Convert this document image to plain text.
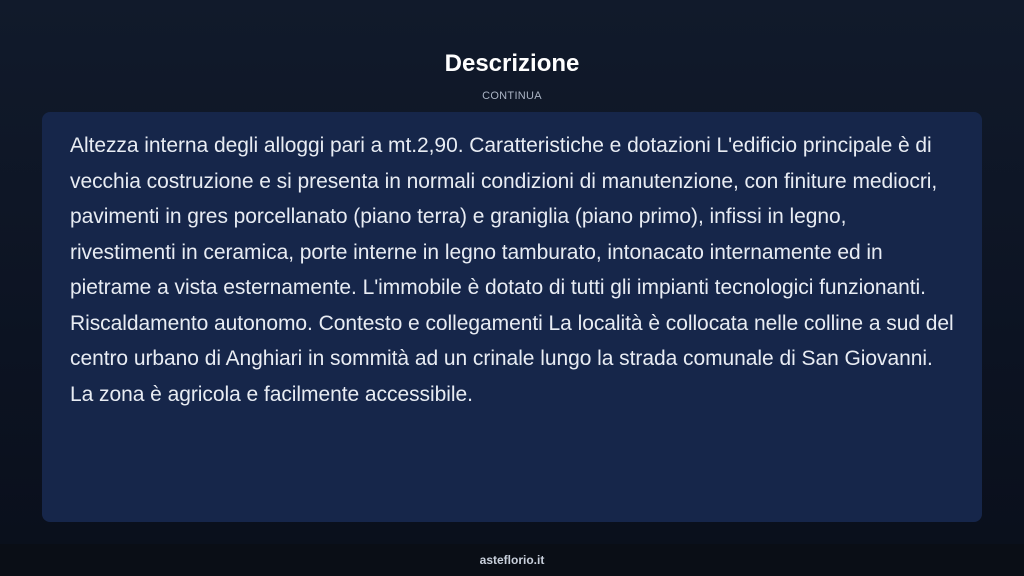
Descrizione
CONTINUA

Altezza interna degli alloggi pari a mt.2,90. Caratteristiche e dotazioni L'edificio principale è di vecchia costruzione e si presenta in normali condizioni di manutenzione, con finiture mediocri, pavimenti in gres porcellanato (piano terra) e graniglia (piano primo), infissi in legno, rivestimenti in ceramica, porte interne in legno tamburato, intonacato internamente ed in pietrame a vista esternamente. L'immobile è dotato di tutti gli impianti tecnologici funzionanti. Riscaldamento autonomo. Contesto e collegamenti La località è collocata nelle colline a sud del centro urbano di Anghiari in sommità ad un crinale lungo la strada comunale di San Giovanni. La zona è agricola e facilmente accessibile.

asteflorio.it
